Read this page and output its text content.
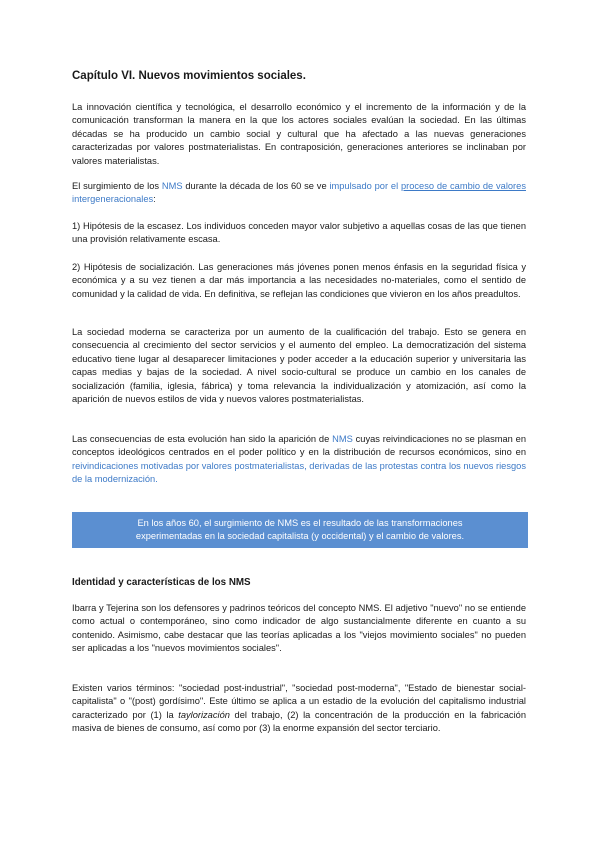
Capítulo VI. Nuevos movimientos sociales.

La innovación científica y tecnológica, el desarrollo económico y el incremento de la información y de la comunicación transforman la manera en la que los actores sociales evalúan la sociedad. En las últimas décadas se ha producido un cambio social y cultural que ha afectado a las nuevas generaciones caracterizadas por valores postmaterialistas. En contraposición, generaciones anteriores se inclinaban por valores materialistas.

El surgimiento de los NMS durante la década de los 60 se ve impulsado por el proceso de cambio de valores intergeneracionales:

1) Hipótesis de la escasez. Los individuos conceden mayor valor subjetivo a aquellas cosas de las que tienen una provisión relativamente escasa.

2) Hipótesis de socialización. Las generaciones más jóvenes ponen menos énfasis en la seguridad física y económica y a su vez tienen a dar más importancia a las necesidades no-materiales, como el sentido de comunidad y la calidad de vida. En definitiva, se reflejan las condiciones que vivieron en los años preadultos.

La sociedad moderna se caracteriza por un aumento de la cualificación del trabajo. Esto se genera en consecuencia al crecimiento del sector servicios y el aumento del empleo. La democratización del sistema educativo tiene lugar al desaparecer limitaciones y poder acceder a la educación superior y universitaria las capas medias y bajas de la sociedad. A nivel socio-cultural se produce un cambio en los canales de socialización (familia, iglesia, fábrica) y toma relevancia la individualización y atomización, así como la aparición de nuevos estilos de vida y nuevos valores postmaterialistas.

Las consecuencias de esta evolución han sido la aparición de NMS cuyas reivindicaciones no se plasman en conceptos ideológicos centrados en el poder político y en la distribución de recursos económicos, sino en reivindicaciones motivadas por valores postmaterialistas, derivadas de las protestas contra los nuevos riesgos de la modernización.

En los años 60, el surgimiento de NMS es el resultado de las transformaciones
experimentadas en la sociedad capitalista (y occidental) y el cambio de valores.
Identidad y características de los NMS

Ibarra y Tejerina son los defensores y padrinos teóricos del concepto NMS. El adjetivo "nuevo" no se entiende como actual o contemporáneo, sino como indicador de algo sustancialmente diferente en cuanto a su contenido. Asimismo, cabe destacar que las teorías aplicadas a los "viejos movimiento sociales" no pueden ser aplicadas a los "nuevos movimientos sociales".

Existen varios términos: "sociedad post-industrial", "sociedad post-moderna", "Estado de bienestar social-capitalista" o "(post) gordísimo". Este último se aplica a un estadio de la evolución del capitalismo industrial caracterizado por (1) la taylorización del trabajo, (2) la concentración de la producción en la fabricación masiva de bienes de consumo, así como por (3) la enorme expansión del sector terciario.
